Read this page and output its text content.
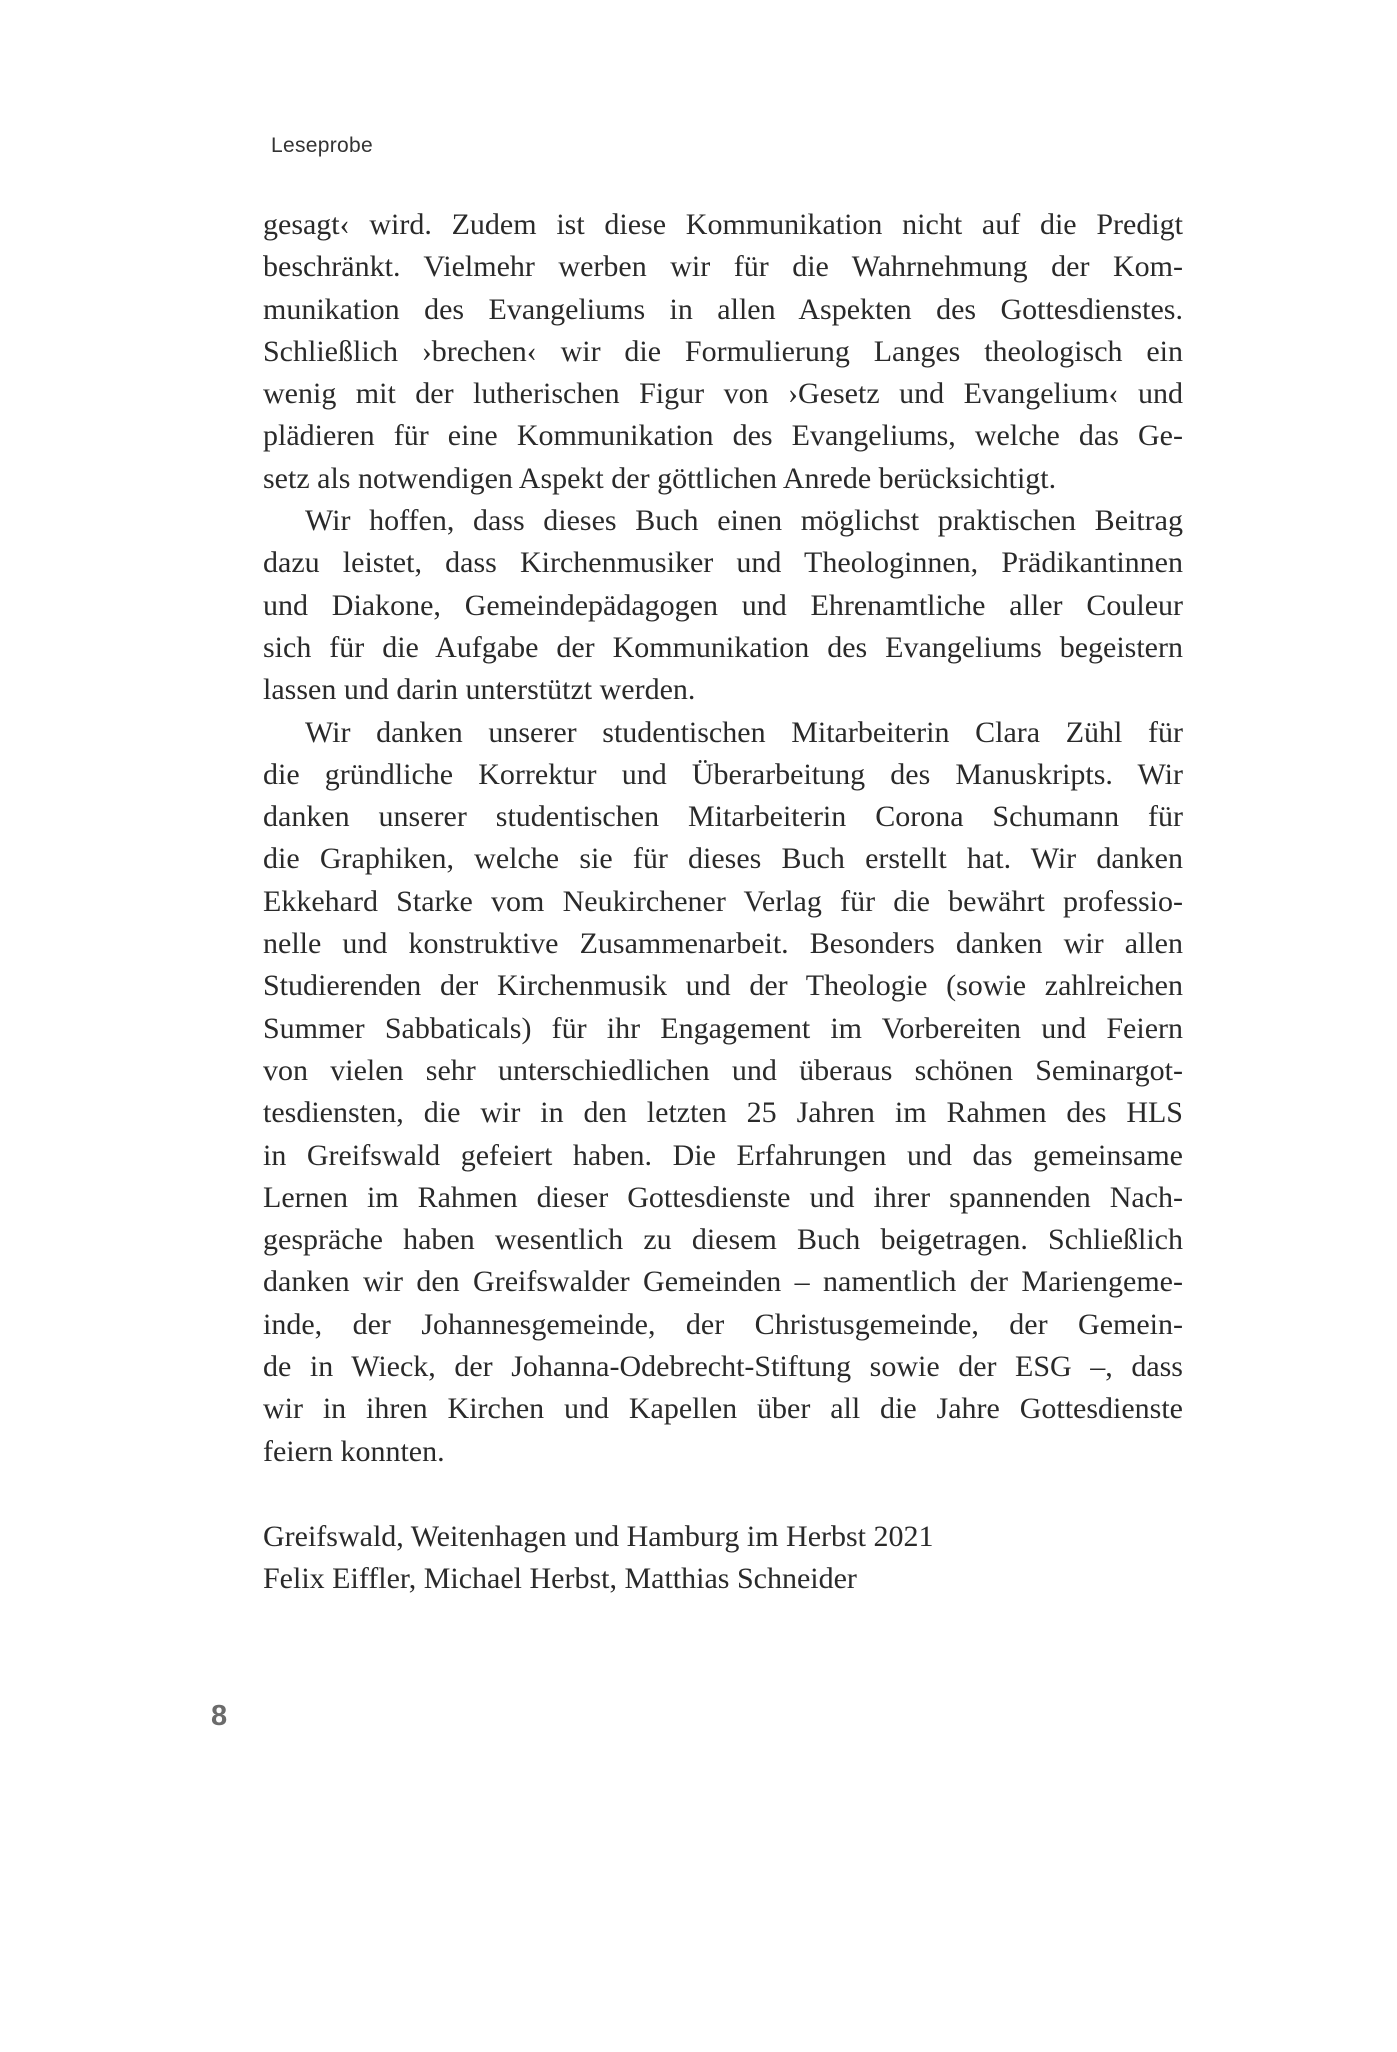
Leseprobe
gesagt‹ wird. Zudem ist diese Kommunikation nicht auf die Predigt
beschränkt. Vielmehr werben wir für die Wahrnehmung der Kom-
munikation des Evangeliums in allen Aspekten des Gottesdienstes.
Schließlich ›brechen‹ wir die Formulierung Langes theologisch ein
wenig mit der lutherischen Figur von ›Gesetz und Evangelium‹ und
plädieren für eine Kommunikation des Evangeliums, welche das Ge-
setz als notwendigen Aspekt der göttlichen Anrede berücksichtigt.
Wir hoffen, dass dieses Buch einen möglichst praktischen Beitrag
dazu leistet, dass Kirchenmusiker und Theologinnen, Prädikantinnen
und Diakone, Gemeindepädagogen und Ehrenamtliche aller Couleur
sich für die Aufgabe der Kommunikation des Evangeliums begeistern
lassen und darin unterstützt werden.
Wir danken unserer studentischen Mitarbeiterin Clara Zühl für
die gründliche Korrektur und Überarbeitung des Manuskripts. Wir
danken unserer studentischen Mitarbeiterin Corona Schumann für
die Graphiken, welche sie für dieses Buch erstellt hat. Wir danken
Ekkehard Starke vom Neukirchener Verlag für die bewährt professio-
nelle und konstruktive Zusammenarbeit. Besonders danken wir allen
Studierenden der Kirchenmusik und der Theologie (sowie zahlreichen
Summer Sabbaticals) für ihr Engagement im Vorbereiten und Feiern
von vielen sehr unterschiedlichen und überaus schönen Seminargot-
tesdiensten, die wir in den letzten 25 Jahren im Rahmen des HLS
in Greifswald gefeiert haben. Die Erfahrungen und das gemeinsame
Lernen im Rahmen dieser Gottesdienste und ihrer spannenden Nach-
gespräche haben wesentlich zu diesem Buch beigetragen. Schließlich
danken wir den Greifswalder Gemeinden – namentlich der Mariengeme-
inde, der Johannesgemeinde, der Christusgemeinde, der Gemein-
de in Wieck, der Johanna-Odebrecht-Stiftung sowie der ESG –, dass
wir in ihren Kirchen und Kapellen über all die Jahre Gottesdienste
feiern konnten.
Greifswald, Weitenhagen und Hamburg im Herbst 2021
Felix Eiffler, Michael Herbst, Matthias Schneider
8
